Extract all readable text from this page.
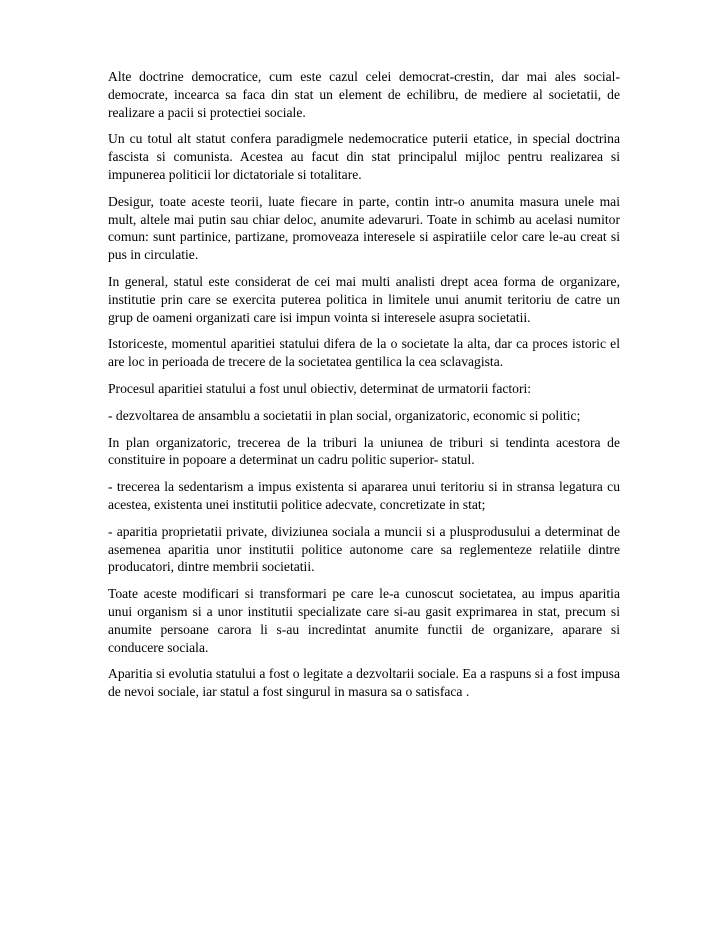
Alte doctrine democratice, cum este cazul celei democrat-crestin, dar mai ales social-democrate, incearca sa faca din stat un element de echilibru, de mediere al societatii, de realizare a pacii si protectiei sociale.

Un cu totul alt statut confera paradigmele nedemocratice puterii etatice, in special doctrina fascista si comunista. Acestea au facut din stat principalul mijloc pentru realizarea si impunerea politicii lor dictatoriale si totalitare.

Desigur, toate aceste teorii, luate fiecare in parte, contin intr-o anumita masura unele mai mult, altele mai putin sau chiar deloc, anumite adevaruri. Toate in schimb au acelasi numitor comun: sunt partinice, partizane, promoveaza interesele si aspiratiile celor care le-au creat si pus in circulatie.

In general, statul este considerat de cei mai multi analisti drept acea forma de organizare, institutie prin care se exercita puterea politica in limitele unui anumit teritoriu de catre un grup de oameni organizati care isi impun vointa si interesele asupra societatii.

Istoriceste, momentul aparitiei statului difera de la o societate la alta, dar ca proces istoric el are loc in perioada de trecere de la societatea gentilica la cea sclavagista.

Procesul aparitiei statului a fost unul obiectiv, determinat de urmatorii factori:

- dezvoltarea de ansamblu a societatii in plan social, organizatoric, economic si politic;

In plan organizatoric, trecerea de la triburi la uniunea de triburi si tendinta acestora de constituire in popoare a determinat un cadru politic superior- statul.

- trecerea la sedentarism a impus existenta si apararea unui teritoriu si in stransa legatura cu acestea, existenta unei institutii politice adecvate, concretizate in stat;

- aparitia proprietatii private, diviziunea sociala a muncii si a plusprodusului a determinat de asemenea aparitia unor institutii politice autonome care sa reglementeze relatiile dintre producatori, dintre membrii societatii.

Toate aceste modificari si transformari pe care le-a cunoscut societatea, au impus aparitia unui organism si a unor institutii specializate care si-au gasit exprimarea in stat, precum si anumite persoane carora li s-au incredintat anumite functii de organizare, aparare si conducere sociala.

Aparitia si evolutia statului a fost o legitate a dezvoltarii sociale. Ea a raspuns si a fost impusa de nevoi sociale, iar statul a fost singurul in masura sa o satisfaca .
